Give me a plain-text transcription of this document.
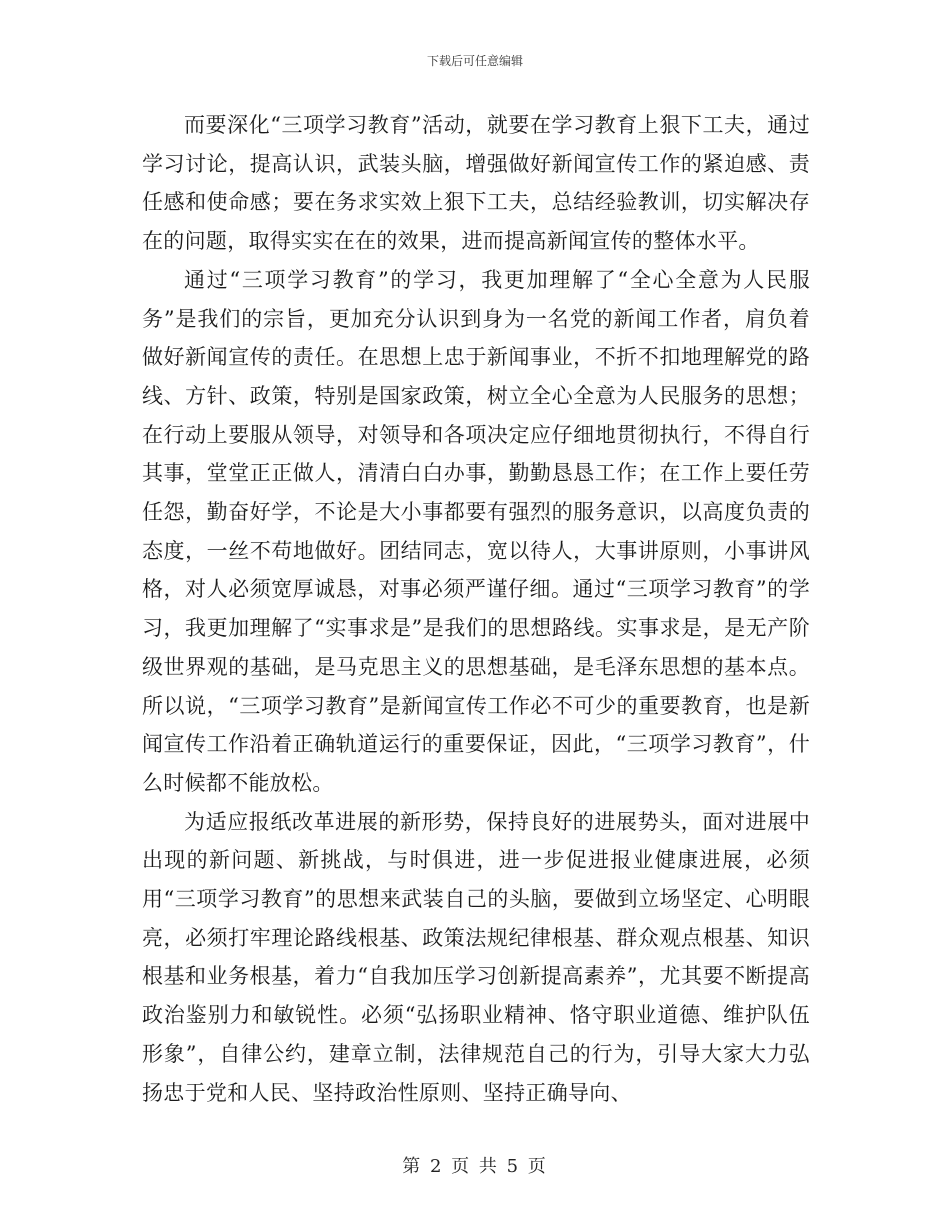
下载后可任意编辑

而要深化“三项学习教育”活动，就要在学习教育上狠下工夫，通过学习讨论，提高认识，武装头脑，增强做好新闻宣传工作的紧迫感、责任感和使命感；要在务求实效上狠下工夫，总结经验教训，切实解决存在的问题，取得实实在在的效果，进而提高新闻宣传的整体水平。

通过“三项学习教育”的学习，我更加理解了“全心全意为人民服务”是我们的宗旨，更加充分认识到身为一名党的新闻工作者，肩负着做好新闻宣传的责任。在思想上忠于新闻事业，不折不扣地理解党的路线、方针、政策，特别是国家政策，树立全心全意为人民服务的思想；在行动上要服从领导，对领导和各项决定应仔细地贯彻执行，不得自行其事，堂堂正正做人，清清白白办事，勤勤恳恳工作；在工作上要任劳任怨，勤奋好学，不论是大小事都要有强烈的服务意识，以高度负责的态度，一丝不苟地做好。团结同志，宽以待人，大事讲原则，小事讲风格，对人必须宽厚诚恳，对事必须严谨仔细。通过“三项学习教育”的学习，我更加理解了“实事求是”是我们的思想路线。实事求是，是无产阶级世界观的基础，是马克思主义的思想基础，是毛泽东思想的基本点。所以说，“三项学习教育”是新闻宣传工作必不可少的重要教育，也是新闻宣传工作沿着正确轨道运行的重要保证，因此，“三项学习教育”，什么时候都不能放松。

为适应报纸改革进展的新形势，保持良好的进展势头，面对进展中出现的新问题、新挑战，与时俱进，进一步促进报业健康进展，必须用“三项学习教育”的思想来武装自己的头脑，要做到立场坚定、心明眼亮，必须打牢理论路线根基、政策法规纪律根基、群众观点根基、知识根基和业务根基，着力“自我加压学习创新提高素养”，尤其要不断提高政治鉴别力和敏锐性。必须“弘扬职业精神、恪守职业道德、维护队伍形象”，自律公约，建章立制，法律规范自己的行为，引导大家大力弘扬忠于党和人民、坚持政治性原则、坚持正确导向、

第 2 页 共 5 页
